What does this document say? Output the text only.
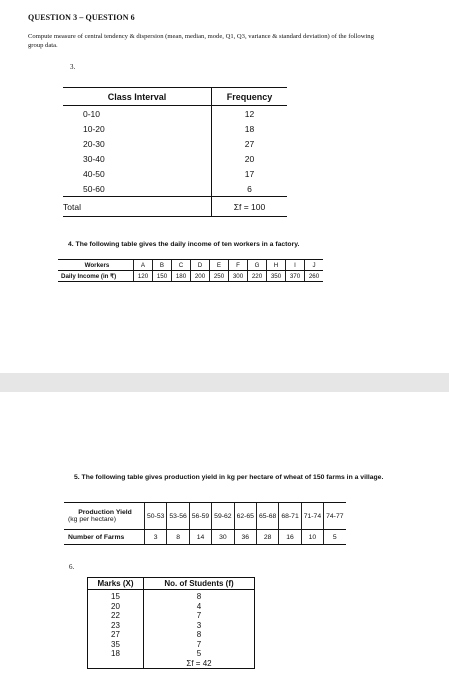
QUESTION 3 – QUESTION 6
Compute measure of central tendency & dispersion (mean, median, mode, Q1, Q3, variance & standard deviation) of the following group data.
3.
Class Interval	Frequency
0-10	12
10-20	18
20-30	27
30-40	20
40-50	17
50-60	6
Total	Σf = 100
4. The following table gives the daily income of ten workers in a factory.
Workers	A	B	C	D	E	F	G	H	I	J
Daily Income (in ₹)	120	150	180	200	250	300	220	350	370	260
5. The following table gives production yield in kg per hectare of wheat of 150 farms in a village.
Production Yield
(kg per hectare)	50-53	53-56	56-59	59-62	62-65	65-68	68-71	71-74	74-77
Number of Farms	3	8	14	30	36	28	16	10	5
6.
Marks (X)	No. of Students (f)
15	8
20	4
22	7
23	3
27	8
35	7
18	5
	Σf = 42
